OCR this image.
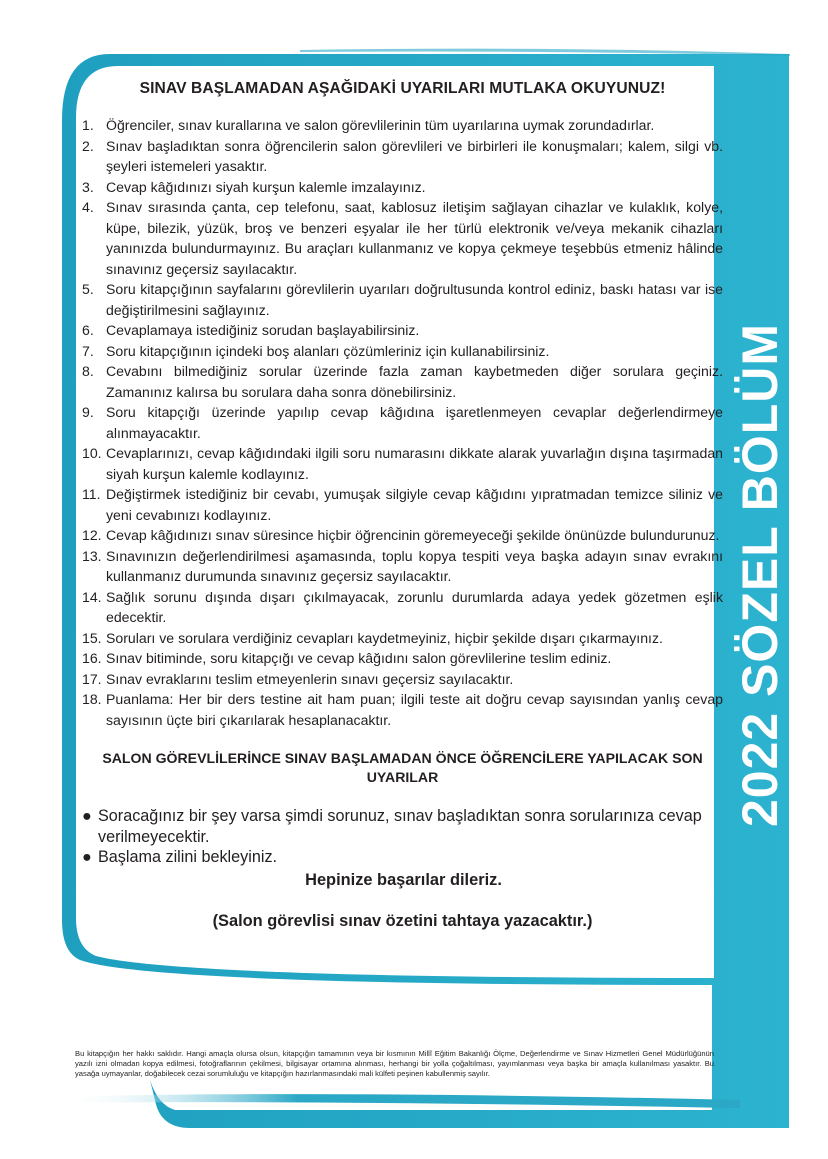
2022 SÖZEL BÖLÜM
SINAV BAŞLAMADAN AŞAĞIDAKİ UYARILARI MUTLAKA OKUYUNUZ!
1. Öğrenciler, sınav kurallarına ve salon görevlilerinin tüm uyarılarına uymak zorundadırlar.
2. Sınav başladıktan sonra öğrencilerin salon görevlileri ve birbirleri ile konuşmaları; kalem, silgi vb. şeyleri istemeleri yasaktır.
3. Cevap kâğıdınızı siyah kurşun kalemle imzalayınız.
4. Sınav sırasında çanta, cep telefonu, saat, kablosuz iletişim sağlayan cihazlar ve kulaklık, kolye, küpe, bilezik, yüzük, broş ve benzeri eşyalar ile her türlü elektronik ve/veya mekanik cihazları yanınızda bulundurmayınız. Bu araçları kullanmanız ve kopya çekmeye teşebbüs etmeniz hâlinde sınavınız geçersiz sayılacaktır.
5. Soru kitapçığının sayfalarını görevlilerin uyarıları doğrultusunda kontrol ediniz, baskı hatası var ise değiştirilmesini sağlayınız.
6. Cevaplamaya istediğiniz sorudan başlayabilirsiniz.
7. Soru kitapçığının içindeki boş alanları çözümleriniz için kullanabilirsiniz.
8. Cevabını bilmediğiniz sorular üzerinde fazla zaman kaybetmeden diğer sorulara geçiniz. Zamanınız kalırsa bu sorulara daha sonra dönebilirsiniz.
9. Soru kitapçığı üzerinde yapılıp cevap kâğıdına işaretlenmeyen cevaplar değerlendirmeye alınmayacaktır.
10. Cevaplarınızı, cevap kâğıdındaki ilgili soru numarasını dikkate alarak yuvarlağın dışına taşırmadan siyah kurşun kalemle kodlayınız.
11. Değiştirmek istediğiniz bir cevabı, yumuşak silgiyle cevap kâğıdını yıpratmadan temizce siliniz ve yeni cevabınızı kodlayınız.
12. Cevap kâğıdınızı sınav süresince hiçbir öğrencinin göremeyeceği şekilde önünüzde bulundurunuz.
13. Sınavınızın değerlendirilmesi aşamasında, toplu kopya tespiti veya başka adayın sınav evrakını kullanmanız durumunda sınavınız geçersiz sayılacaktır.
14. Sağlık sorunu dışında dışarı çıkılmayacak, zorunlu durumlarda adaya yedek gözetmen eşlik edecektir.
15. Soruları ve sorulara verdiğiniz cevapları kaydetmeyiniz, hiçbir şekilde dışarı çıkarmayınız.
16. Sınav bitiminde, soru kitapçığı ve cevap kâğıdını salon görevlilerine teslim ediniz.
17. Sınav evraklarını teslim etmeyenlerin sınavı geçersiz sayılacaktır.
18. Puanlama: Her bir ders testine ait ham puan; ilgili teste ait doğru cevap sayısından yanlış cevap sayısının üçte biri çıkarılarak hesaplanacaktır.
SALON GÖREVLİLERİNCE SINAV BAŞLAMADAN ÖNCE ÖĞRENCİLERE YAPILACAK SON UYARILAR
● Soracağınız bir şey varsa şimdi sorunuz, sınav başladıktan sonra sorularınıza cevap verilmeyecektir.
● Başlama zilini bekleyiniz.
Hepinize başarılar dileriz.
(Salon görevlisi sınav özetini tahtaya yazacaktır.)
Bu kitapçığın her hakkı saklıdır. Hangi amaçla olursa olsun, kitapçığın tamamının veya bir kısmının Millî Eğitim Bakanlığı Ölçme, Değerlendirme ve Sınav Hizmetleri Genel Müdürlüğünün yazılı izni olmadan kopya edilmesi, fotoğraflarının çekilmesi, bilgisayar ortamına alınması, herhangi bir yolla çoğaltılması, yayımlanması veya başka bir amaçla kullanılması yasaktır. Bu yasağa uymayanlar, doğabilecek cezai sorumluluğu ve kitapçığın hazırlanmasındaki mali külfeti peşinen kabullenmiş sayılır.
